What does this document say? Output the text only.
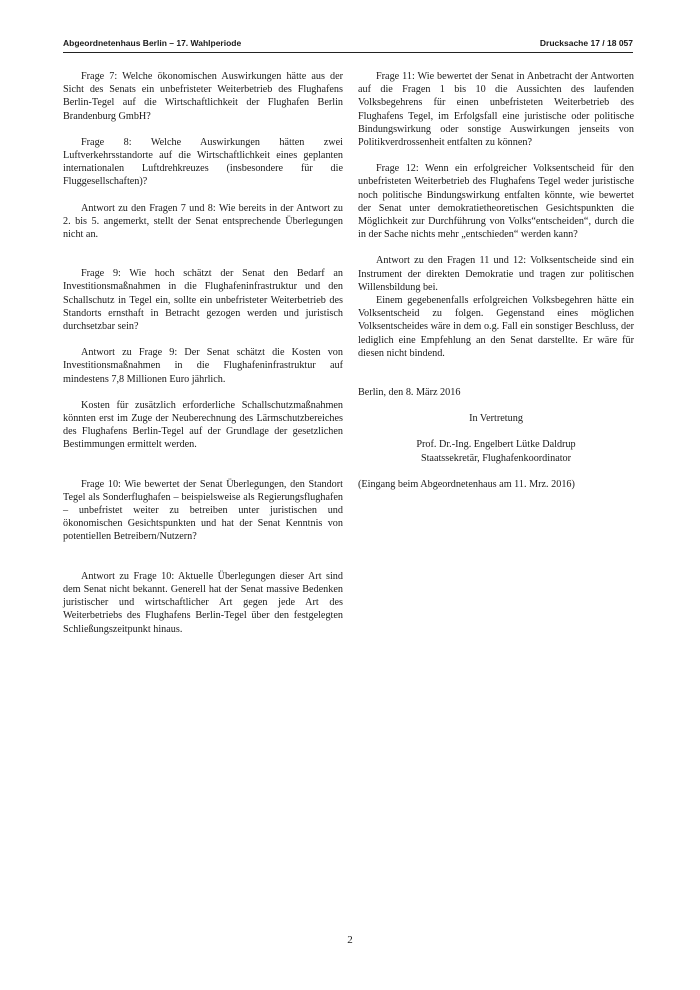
Abgeordnetenhaus Berlin – 17. Wahlperiode	Drucksache 17 / 18 057

Frage 7: Welche ökonomischen Auswirkungen hätte aus der Sicht des Senats ein unbefristeter Weiterbetrieb des Flughafens Berlin-Tegel auf die Wirtschaftlichkeit der Flughafen Berlin Brandenburg GmbH?

Frage 8: Welche Auswirkungen hätten zwei Luftverkehrsstandorte auf die Wirtschaftlichkeit eines geplanten internationalen Luftdrehkreuzes (insbesondere für die Fluggesellschaften)?

Antwort zu den Fragen 7 und 8: Wie bereits in der Antwort zu 2. bis 5. angemerkt, stellt der Senat entsprechende Überlegungen nicht an.

Frage 9: Wie hoch schätzt der Senat den Bedarf an Investitionsmaßnahmen in die Flughafeninfrastruktur und den Schallschutz in Tegel ein, sollte ein unbefristeter Weiterbetrieb des Standorts ernsthaft in Betracht gezogen werden und juristisch durchsetzbar sein?

Antwort zu Frage 9: Der Senat schätzt die Kosten von Investitionsmaßnahmen in die Flughafeninfrastruktur auf mindestens 7,8 Millionen Euro jährlich.

Kosten für zusätzlich erforderliche Schallschutzmaßnahmen könnten erst im Zuge der Neuberechnung des Lärmschutzbereiches des Flughafens Berlin-Tegel auf der Grundlage der gesetzlichen Bestimmungen ermittelt werden.

Frage 10: Wie bewertet der Senat Überlegungen, den Standort Tegel als Sonderflughafen – beispielsweise als Regierungsflughafen – unbefristet weiter zu betreiben unter juristischen und ökonomischen Gesichtspunkten und hat der Senat Kenntnis von potentiellen Betreibern/Nutzern?

Antwort zu Frage 10: Aktuelle Überlegungen dieser Art sind dem Senat nicht bekannt. Generell hat der Senat massive Bedenken juristischer und wirtschaftlicher Art gegen jede Art des Weiterbetriebs des Flughafens Berlin-Tegel über den festgelegten Schließungszeitpunkt hinaus.

Frage 11: Wie bewertet der Senat in Anbetracht der Antworten auf die Fragen 1 bis 10 die Aussichten des laufenden Volksbegehrens für einen unbefristeten Weiterbetrieb des Flughafens Tegel, im Erfolgsfall eine juristische oder politische Bindungswirkung oder sonstige Auswirkungen jenseits von Politikverdrossenheit entfalten zu können?

Frage 12: Wenn ein erfolgreicher Volksentscheid für den unbefristeten Weiterbetrieb des Flughafens Tegel weder juristische noch politische Bindungswirkung entfalten könnte, wie bewertet der Senat unter demokratietheoretischen Gesichtspunkten die Möglichkeit zur Durchführung von Volks“entscheiden“, durch die in der Sache nichts mehr „entschieden“ werden kann?

Antwort zu den Fragen 11 und 12: Volksentscheide sind ein Instrument der direkten Demokratie und tragen zur politischen Willensbildung bei.

Einem gegebenenfalls erfolgreichen Volksbegehren hätte ein Volksentscheid zu folgen. Gegenstand eines möglichen Volksentscheides wäre in dem o.g. Fall ein sonstiger Beschluss, der lediglich eine Empfehlung an den Senat darstellte. Er wäre für diesen nicht bindend.

Berlin, den 8. März 2016

In Vertretung

Prof. Dr.-Ing. Engelbert Lütke Daldrup

Staatssekretär, Flughafenkoordinator

(Eingang beim Abgeordnetenhaus am 11. Mrz. 2016)

2
